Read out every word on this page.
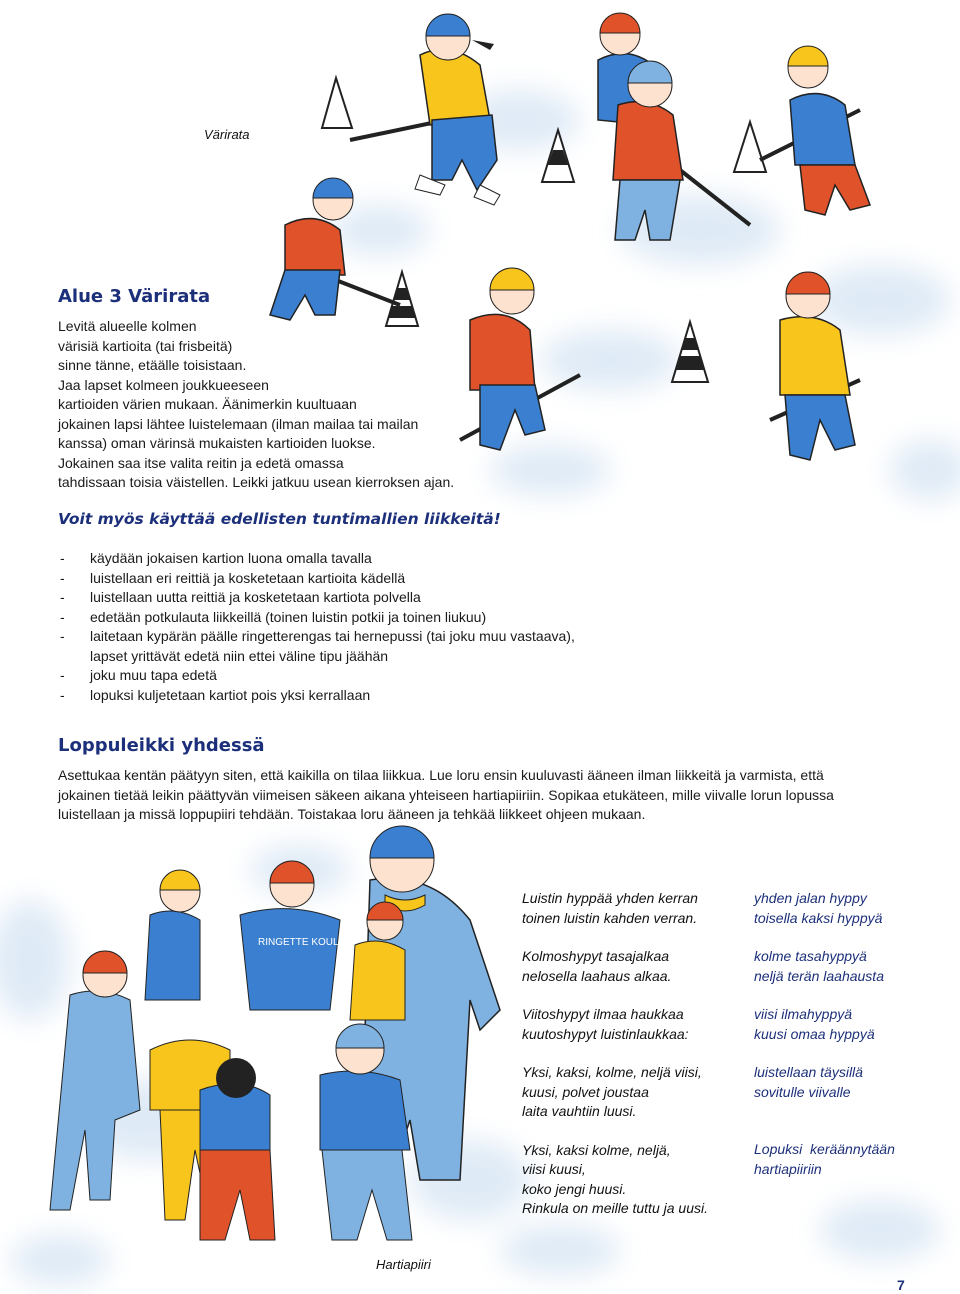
RINGETTE KOULU
Värirata
Alue 3 Värirata
Levitä alueelle kolmen
värisiä kartioita (tai frisbeitä)
sinne tänne, etäälle toisistaan.
Jaa lapset kolmeen joukkueeseen
kartioiden värien mukaan. Äänimerkin kuultuaan
jokainen lapsi lähtee luistelemaan (ilman mailaa tai mailan
kanssa) oman värinsä mukaisten kartioiden luokse.
Jokainen saa itse valita reitin ja edetä omassa
tahdissaan toisia väistellen. Leikki jatkuu usean kierroksen ajan.
Voit myös käyttää edellisten tuntimallien liikkeitä!
- käydään jokaisen kartion luona omalla tavalla
- luistellaan eri reittiä ja kosketetaan kartioita kädellä
- luistellaan uutta reittiä ja kosketetaan kartiota polvella
- edetään potkulauta liikkeillä (toinen luistin potkii ja toinen liukuu)
- laitetaan kypärän päälle ringetterengas tai hernepussi (tai joku muu vastaava),
lapset yrittävät edetä niin ettei väline tipu jäähän
- joku muu tapa edetä
- lopuksi kuljetetaan kartiot pois yksi kerrallaan
Loppuleikki yhdessä
Asettukaa kentän päätyyn siten, että kaikilla on tilaa liikkua. Lue loru ensin kuuluvasti ääneen ilman liikkeitä ja varmista, että
jokainen tietää leikin päättyvän viimeisen säkeen aikana yhteiseen hartiapiiriin. Sopikaa etukäteen, mille viivalle lorun lopussa
luistellaan ja missä loppupiiri tehdään. Toistakaa loru ääneen ja tehkää liikkeet ohjeen mukaan.
Luistin hyppää yhden kerran
toinen luistin kahden verran.
Kolmoshypyt tasajalkaa
nelosella laahaus alkaa.
Viitoshypyt ilmaa haukkaa
kuutoshypyt luistinlaukkaa:
Yksi, kaksi, kolme, neljä viisi,
kuusi, polvet joustaa
laita vauhtiin luusi.
Yksi, kaksi kolme, neljä,
viisi kuusi,
koko jengi huusi.
Rinkula on meille tuttu ja uusi.
yhden jalan hyppy
toisella kaksi hyppyä
kolme tasahyppyä
neljä terän laahausta
viisi ilmahyppyä
kuusi omaa hyppyä
luistellaan täysillä
sovitulle viivalle
Lopuksi  keräännytään
hartiapiiriin
Hartiapiiri
7
